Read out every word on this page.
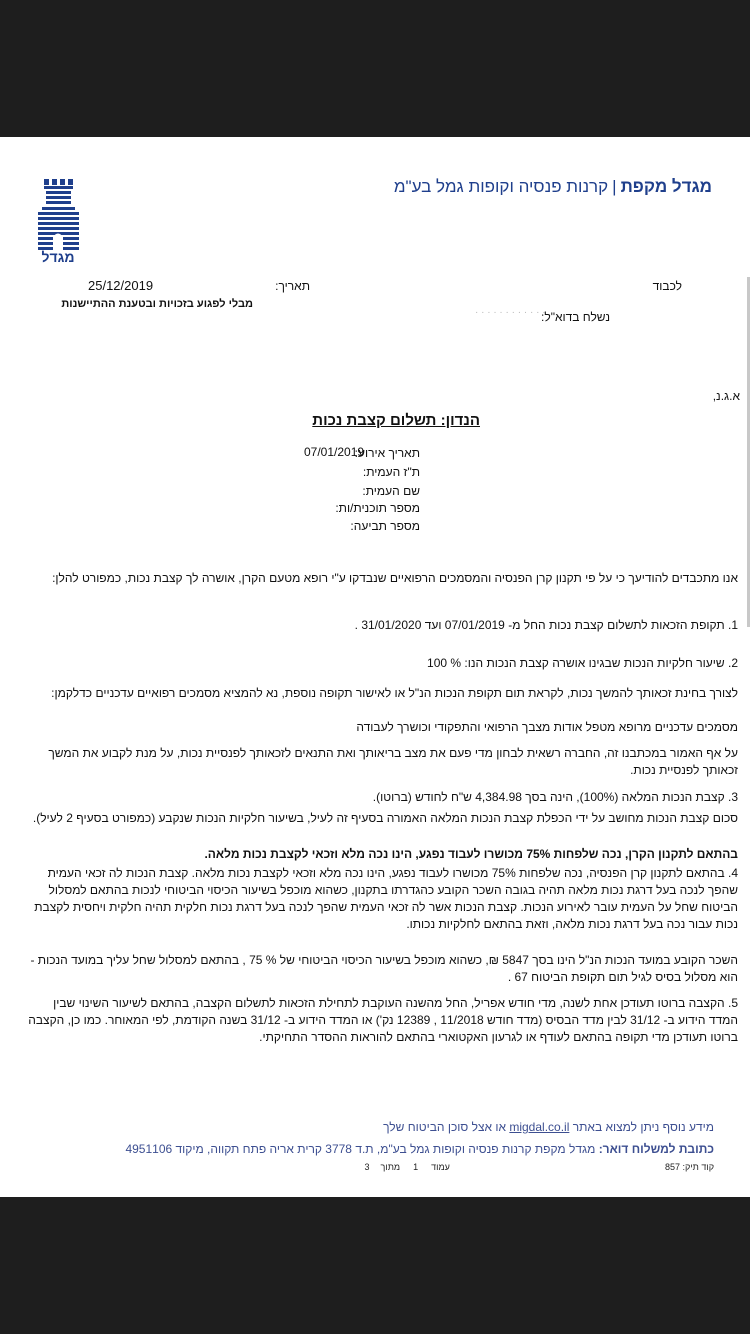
מגדל
מגדל מקפת|קרנות פנסיה וקופות גמל בע"מ
לכבוד
נשלח בדוא"ל:
· · · · · · · · · · · ·
תאריך:
25/12/2019
מבלי לפגוע בזכויות ובטענת ההתיישנות
א.ג.נ,
הנדון: תשלום קצבת נכות
תאריך אירוע:
07/01/2019
ת"ז העמית:
שם העמית:
מספר תוכנית/ות:
מספר תביעה:
אנו מתכבדים להודיעך כי על פי תקנון קרן הפנסיה והמסמכים הרפואיים שנבדקו ע"י רופא מטעם הקרן, אושרה לך קצבת נכות, כמפורט להלן:
1. תקופת הזכאות לתשלום קצבת נכות החל מ- 07/01/2019 ועד 31/01/2020 .
2. שיעור חלקיות הנכות שבגינו אושרה קצבת הנכות הנו: % 100
לצורך בחינת זכאותך להמשך נכות, לקראת תום תקופת הנכות הנ"ל או לאישור תקופה נוספת, נא להמציא מסמכים רפואיים עדכניים כדלקמן:
מסמכים עדכניים מרופא מטפל אודות מצבך הרפואי והתפקודי וכושרך לעבודה
על אף האמור במכתבנו זה, החברה רשאית לבחון מדי פעם את מצב בריאותך ואת התנאים לזכאותך לפנסיית נכות, על מנת לקבוע את המשך זכאותך לפנסיית נכות.
3. קצבת הנכות המלאה (100%), הינה בסך 4,384.98 ש"ח לחודש (ברוטו).
סכום קצבת הנכות מחושב על ידי הכפלת קצבת הנכות המלאה האמורה בסעיף זה לעיל, בשיעור חלקיות הנכות שנקבע (כמפורט בסעיף 2 לעיל).
בהתאם לתקנון הקרן, נכה שלפחות 75% מכושרו לעבוד נפגע, הינו נכה מלא וזכאי לקצבת נכות מלאה.
4. בהתאם לתקנון קרן הפנסיה, נכה שלפחות 75% מכושרו לעבוד נפגע, הינו נכה מלא וזכאי לקצבת נכות מלאה. קצבת הנכות לה זכאי העמית שהפך לנכה בעל דרגת נכות מלאה תהיה בגובה השכר הקובע כהגדרתו בתקנון, כשהוא מוכפל בשיעור הכיסוי הביטוחי לנכות בהתאם למסלול הביטוח שחל על העמית עובר לאירוע הנכות. קצבת הנכות אשר לה זכאי העמית שהפך לנכה בעל דרגת נכות חלקית תהיה חלקית ויחסית לקצבת נכות עבור נכה בעל דרגת נכות מלאה, וזאת בהתאם לחלקיות נכותו.
השכר הקובע במועד הנכות הנ"ל הינו בסך 5847 ₪, כשהוא מוכפל בשיעור הכיסוי הביטוחי של % 75 , בהתאם למסלול שחל עליך במועד הנכות - הוא מסלול בסיס לגיל תום תקופת הביטוח 67 .
5. הקצבה ברוטו תעודכן אחת לשנה, מדי חודש אפריל, החל מהשנה העוקבת לתחילת הזכאות לתשלום הקצבה, בהתאם לשיעור השינוי שבין המדד הידוע ב- 31/12 לבין מדד הבסיס (מדד חודש 11/2018 , 12389 נק') או המדד הידוע ב- 31/12 בשנה הקודמת, לפי המאוחר. כמו כן, הקצבה ברוטו תעודכן מדי תקופה בהתאם לעודף או לגרעון האקטוארי בהתאם להוראות ההסדר התחיקתי.
מידע נוסף ניתן למצוא באתר migdal.co.il או אצל סוכן הביטוח שלך
כתובת למשלוח דואר: מגדל מקפת קרנות פנסיה וקופות גמל בע"מ, ת.ד 3778 קרית אריה פתח תקווה, מיקוד 4951106
קוד תיק: 857  עמוד  1  מתוך  3
